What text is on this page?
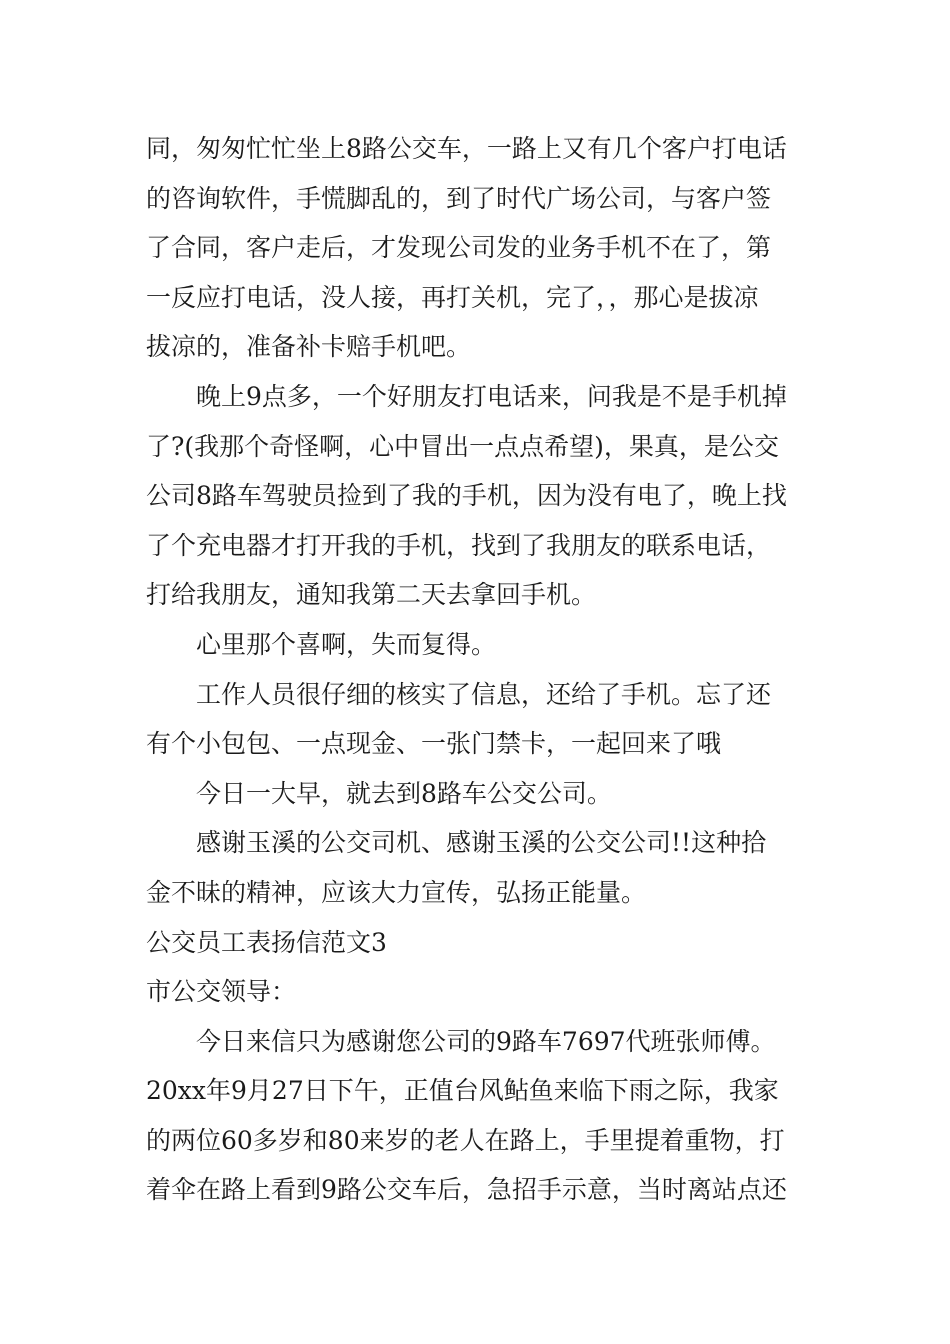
同，匆匆忙忙坐上8路公交车，一路上又有几个客户打电话
的咨询软件，手慌脚乱的，到了时代广场公司，与客户签
了合同，客户走后，才发现公司发的业务手机不在了，第
一反应打电话，没人接，再打关机，完了，，那心是拔凉
拔凉的，准备补卡赔手机吧。
晚上9点多，一个好朋友打电话来，问我是不是手机掉
了?(我那个奇怪啊，心中冒出一点点希望)，果真，是公交
公司8路车驾驶员捡到了我的手机，因为没有电了，晚上找
了个充电器才打开我的手机，找到了我朋友的联系电话，
打给我朋友，通知我第二天去拿回手机。
心里那个喜啊，失而复得。
工作人员很仔细的核实了信息，还给了手机。忘了还
有个小包包、一点现金、一张门禁卡，一起回来了哦
今日一大早，就去到8路车公交公司。
感谢玉溪的公交司机、感谢玉溪的公交公司!!这种拾
金不昧的精神，应该大力宣传，弘扬正能量。
公交员工表扬信范文3
市公交领导：
今日来信只为感谢您公司的9路车7697代班张师傅。
20xx年9月27日下午，正值台风鲇鱼来临下雨之际，我家
的两位60多岁和80来岁的老人在路上，手里提着重物，打
着伞在路上看到9路公交车后，急招手示意，当时离站点还
